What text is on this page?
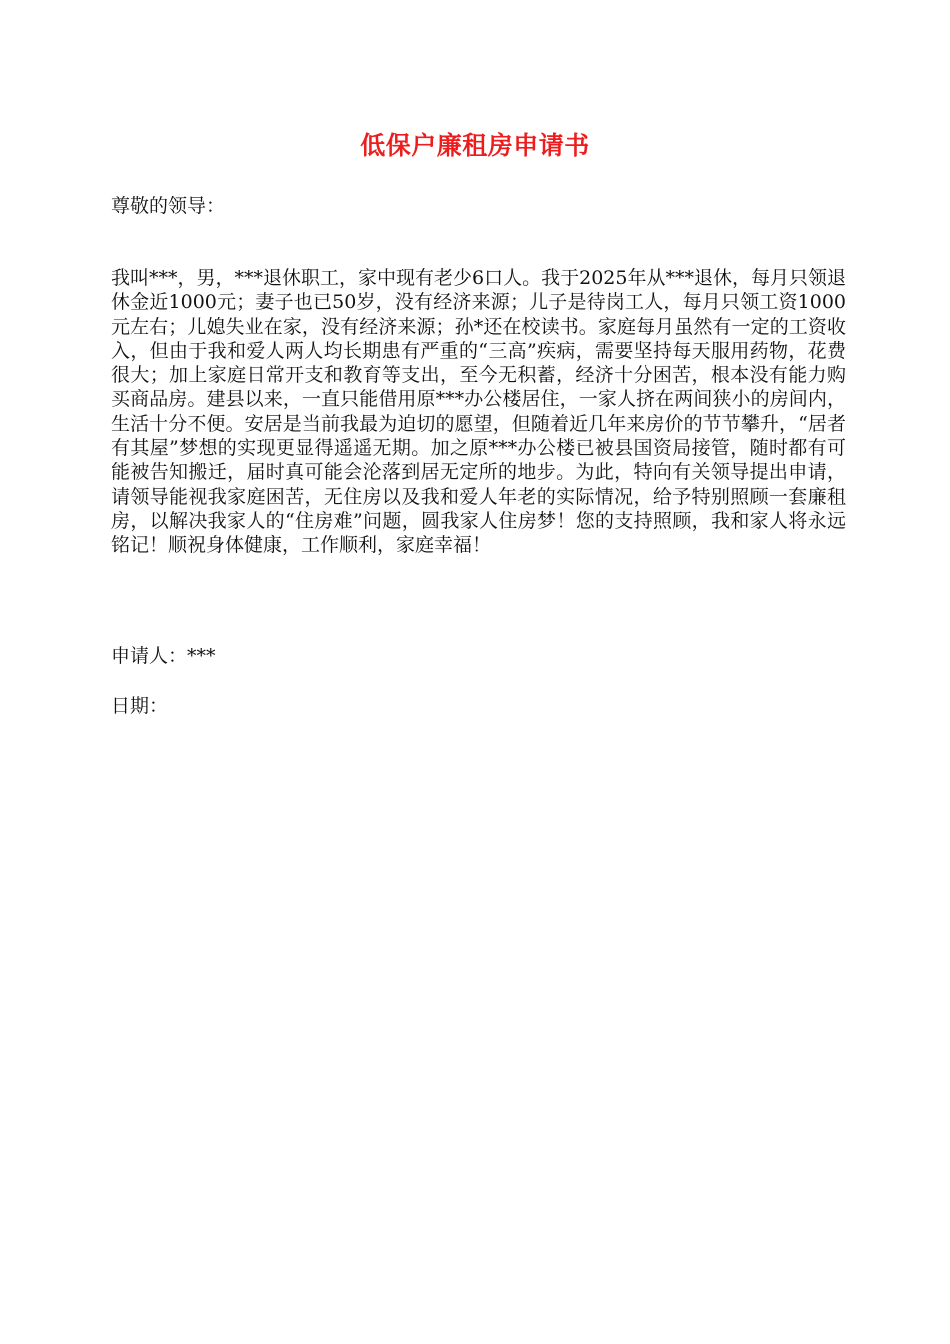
低保户廉租房申请书

尊敬的领导：

我叫***，男，***退休职工，家中现有老少6口人。我于2025年从***退休，每月只领退休金近1000元；妻子也已50岁，没有经济来源；儿子是待岗工人，每月只领工资1000元左右；儿媳失业在家，没有经济来源；孙*还在校读书。家庭每月虽然有一定的工资收入，但由于我和爱人两人均长期患有严重的“三高”疾病，需要坚持每天服用药物，花费很大；加上家庭日常开支和教育等支出，至今无积蓄，经济十分困苦，根本没有能力购买商品房。建县以来，一直只能借用原***办公楼居住，一家人挤在两间狭小的房间内，生活十分不便。安居是当前我最为迫切的愿望，但随着近几年来房价的节节攀升，“居者有其屋”梦想的实现更显得遥遥无期。加之原***办公楼已被县国资局接管，随时都有可能被告知搬迁，届时真可能会沦落到居无定所的地步。为此，特向有关领导提出申请，请领导能视我家庭困苦，无住房以及我和爱人年老的实际情况，给予特别照顾一套廉租房，以解决我家人的“住房难”问题，圆我家人住房梦！您的支持照顾，我和家人将永远铭记！顺祝身体健康，工作顺利，家庭幸福！

申请人：***

日期：
